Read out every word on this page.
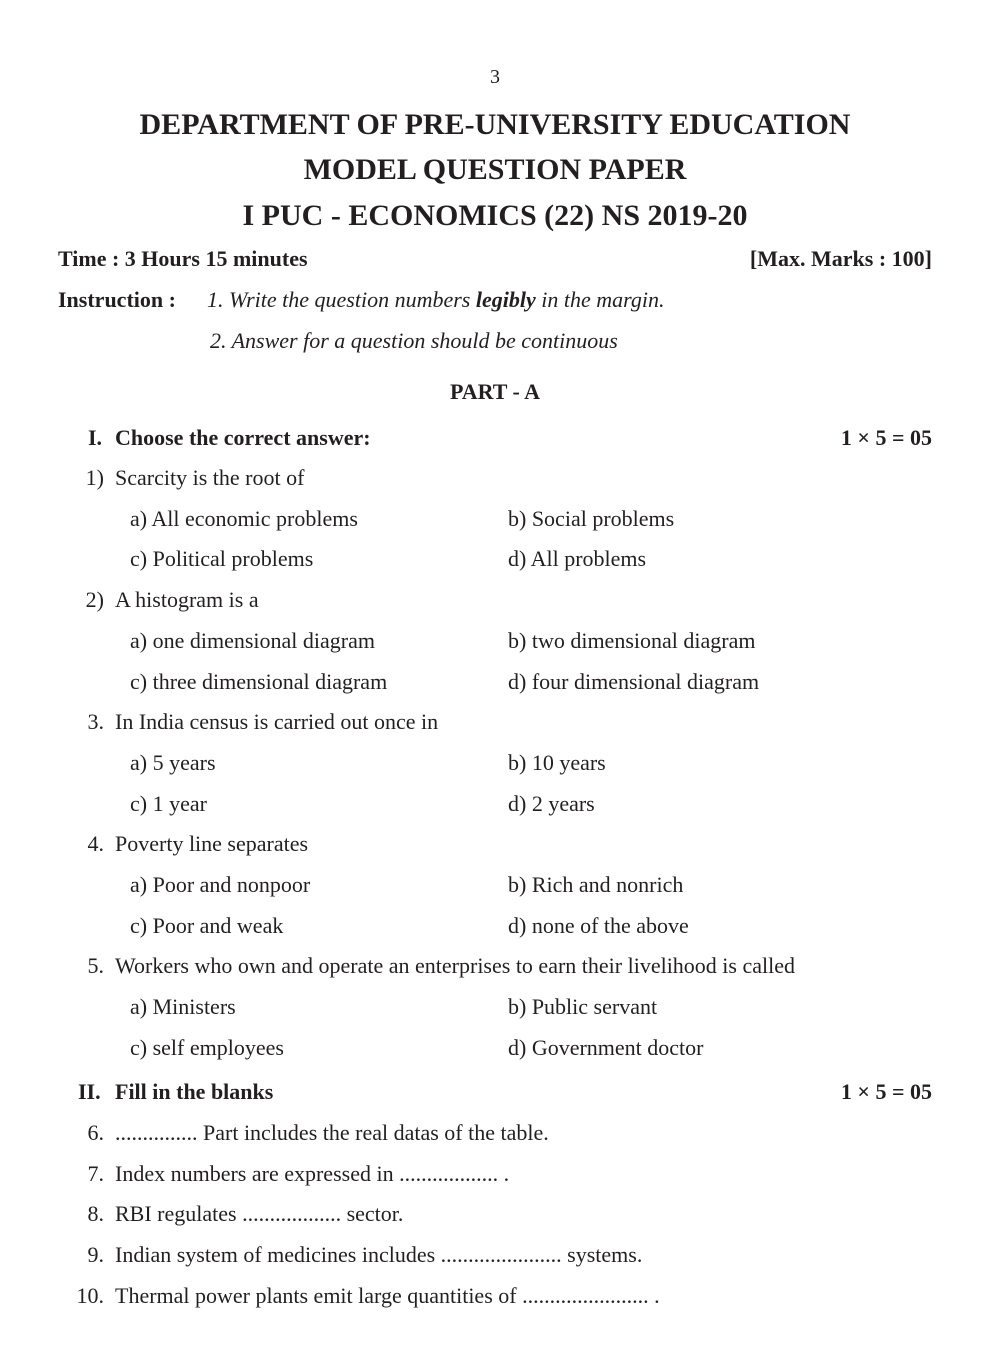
3
DEPARTMENT OF PRE-UNIVERSITY EDUCATION
MODEL QUESTION PAPER
I PUC - ECONOMICS (22) NS 2019-20
Time : 3 Hours 15 minutes	[Max. Marks : 100]
Instruction : 1. Write the question numbers legibly in the margin.
2. Answer for a question should be continuous
PART - A
I. Choose the correct answer:	1 × 5 = 05
1) Scarcity is the root of
a) All economic problems	b) Social problems
c) Political problems	d) All problems
2) A histogram is a
a) one dimensional diagram	b) two dimensional diagram
c) three dimensional diagram	d) four dimensional diagram
3. In India census is carried out once in
a) 5 years	b) 10 years
c) 1 year	d) 2 years
4. Poverty line separates
a) Poor and nonpoor	b) Rich and nonrich
c) Poor and weak	d) none of the above
5. Workers who own and operate an enterprises to earn their livelihood is called
a) Ministers	b) Public servant
c) self employees	d) Government doctor
II. Fill in the blanks	1 × 5 = 05
6. ............... Part includes the real datas of the table.
7. Index numbers are expressed in .................. .
8. RBI regulates .................. sector.
9. Indian system of medicines includes ...................... systems.
10. Thermal power plants emit large quantities of ....................... .
